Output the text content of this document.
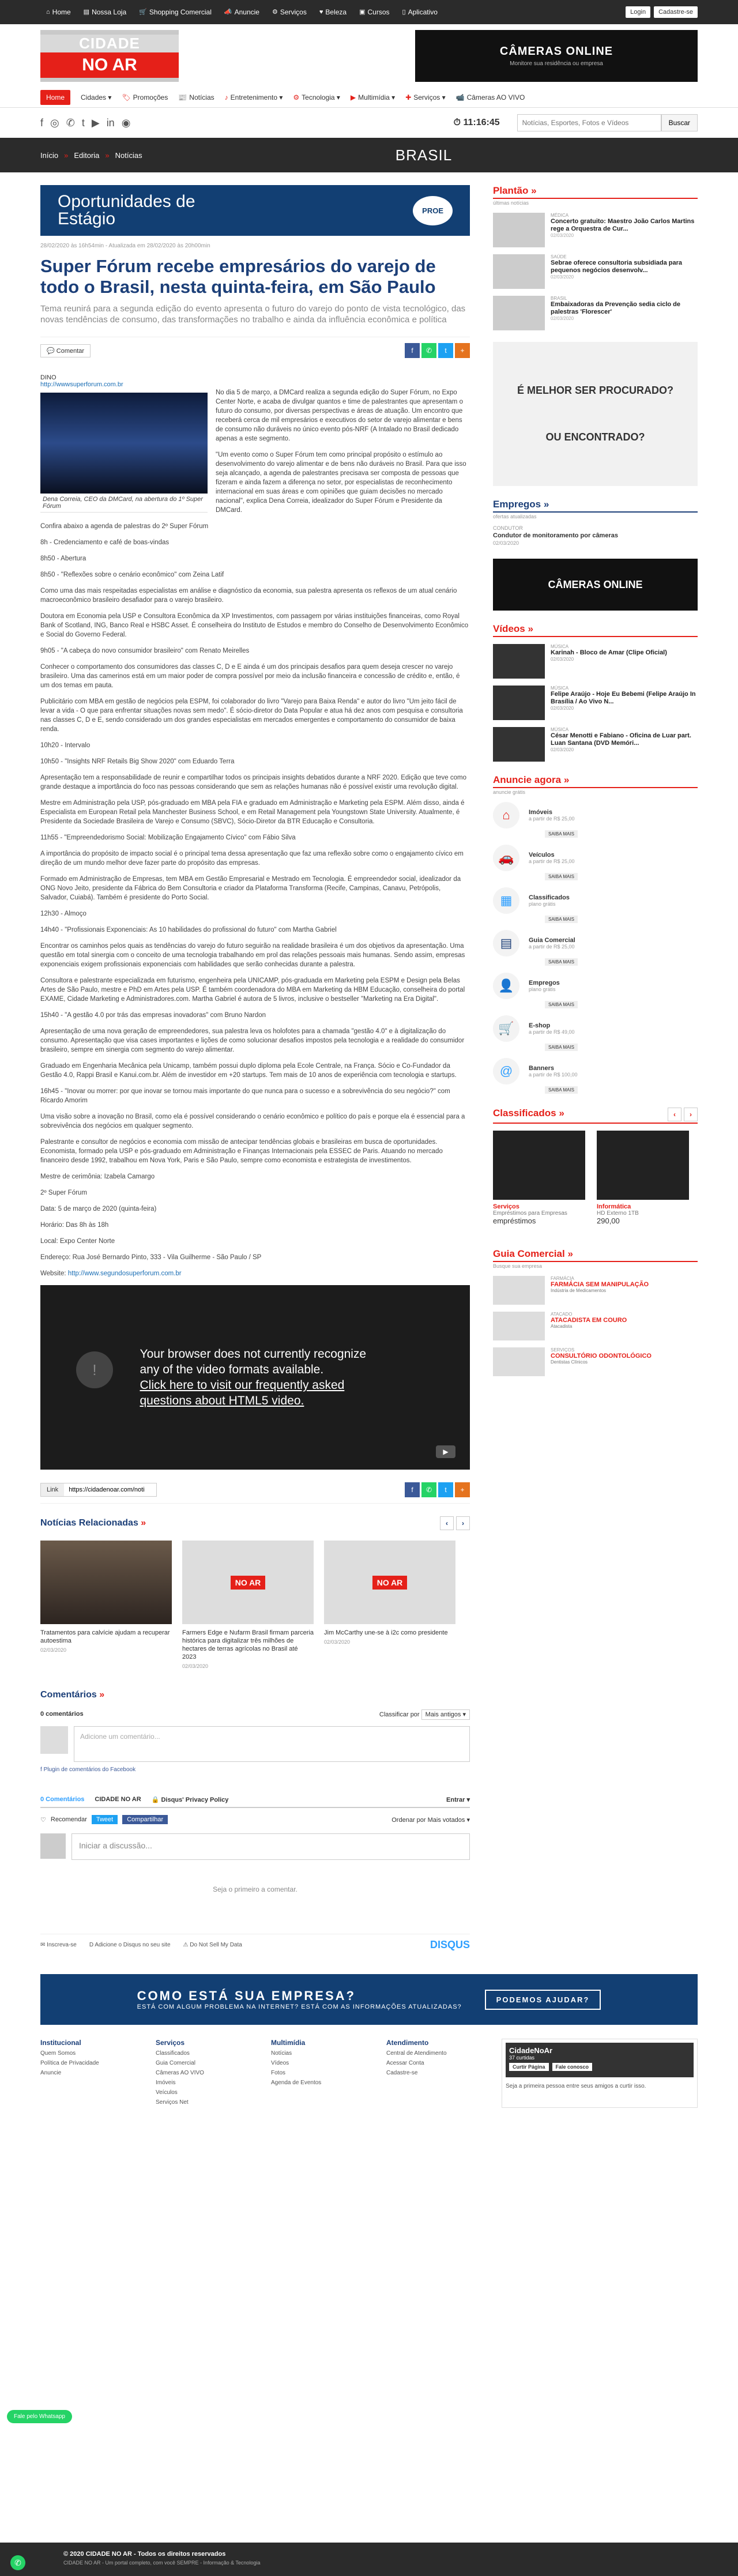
⌂ Home ▤ Nossa Loja 🛒 Shopping Comercial 📣 Anuncie ⚙ Serviços ♥ Beleza ▣ Cursos ▯ Aplicativo	Login	Cadastre-se
CIDADE
NO AR
CÂMERAS ONLINE
Monitore sua residência ou empresa
Home Cidades ▾ 🏷 Promoções 📰 Notícias ♪ Entretenimento ▾ ⚙ Tecnologia ▾ ▶ Multimídia ▾ ✚ Serviços ▾ 📹 Câmeras AO VIVO
f ◎ ✆ t ▶ in ◉	⏱ 11:16:45
Notícias, Esportes, Fotos e Vídeos	Buscar
Início » Editoria » Notícias	BRASIL
Oportunidades de
Estágio	PROE
28/02/2020 às 16h54min - Atualizada em 28/02/2020 às 20h00min
Super Fórum recebe empresários do varejo de todo o Brasil, nesta quinta-feira, em São Paulo
Tema reunirá para a segunda edição do evento apresenta o futuro do varejo do ponto de vista tecnológico, das novas tendências de consumo, das transformações no trabalho e ainda da influência econômica e política
💬 Comentar	f	✆	t	+
DINO
http://wwwsuperforum.com.br
Dena Correia, CEO da DMCard, na abertura do 1º Super Fórum

No dia 5 de março, a DMCard realiza a segunda edição do Super Fórum, no Expo Center Norte, e acaba de divulgar quantos e time de palestrantes que apresentam o futuro do consumo, por diversas perspectivas e áreas de atuação. Um encontro que receberá cerca de mil empresários e executivos do setor de varejo alimentar e bens de consumo não duráveis no único evento pós-NRF (A Intalado no Brasil dedicado apenas a este segmento.

"Um evento como o Super Fórum tem como principal propósito o estímulo ao desenvolvimento do varejo alimentar e de bens não duráveis no Brasil. Para que isso seja alcançado, a agenda de palestrantes precisava ser composta de pessoas que fizeram e ainda fazem a diferença no setor, por especialistas de reconhecimento internacional em suas áreas e com opiniões que guiam decisões no mercado nacional", explica Dena Correia, idealizador do Super Fórum e Presidente da DMCard.

Confira abaixo a agenda de palestras do 2º Super Fórum

8h - Credenciamento e café de boas-vindas

8h50 - Abertura

8h50 - "Reflexões sobre o cenário econômico" com Zeina Latif

Como uma das mais respeitadas especialistas em análise e diagnóstico da economia, sua palestra apresenta os reflexos de um atual cenário macroeconômico brasileiro desafiador para o varejo brasileiro.

Doutora em Economia pela USP e Consultora Econômica da XP Investimentos, com passagem por várias instituições financeiras, como Royal Bank of Scotland, ING, Banco Real e HSBC Asset. É conselheira do Instituto de Estudos e membro do Conselho de Desenvolvimento Econômico e Social do Governo Federal.

9h05 - "A cabeça do novo consumidor brasileiro" com Renato Meirelles

Conhecer o comportamento dos consumidores das classes C, D e E ainda é um dos principais desafios para quem deseja crescer no varejo brasileiro. Uma das camerinos está em um maior poder de compra possível por meio da inclusão financeira e concessão de crédito e, então, é um dos temas em pauta.

Publicitário com MBA em gestão de negócios pela ESPM, foi colaborador do livro "Varejo para Baixa Renda" e autor do livro "Um jeito fácil de levar a vida - O que para enfrentar situações novas sem medo". É sócio-diretor do Data Popular e atua há dez anos com pesquisa e consultoria nas classes C, D e E, sendo considerado um dos grandes especialistas em mercados emergentes e comportamento do consumidor de baixa renda.

10h20 - Intervalo

10h50 - "Insights NRF Retails Big Show 2020" com Eduardo Terra

Apresentação tem a responsabilidade de reunir e compartilhar todos os principais insights debatidos durante a NRF 2020. Edição que teve como grande destaque a importância do foco nas pessoas considerando que sem as relações humanas não é possível existir uma revolução digital.

Mestre em Administração pela USP, pós-graduado em MBA pela FIA e graduado em Administração e Marketing pela ESPM. Além disso, ainda é Especialista em European Retail pela Manchester Business School, e em Retail Management pela Youngstown State University. Atualmente, é Presidente da Sociedade Brasileira de Varejo e Consumo (SBVC), Sócio-Diretor da BTR Educação e Consultoria.

11h55 - "Empreendedorismo Social: Mobilização Engajamento Cívico" com Fábio Silva

A importância do propósito de impacto social é o principal tema dessa apresentação que faz uma reflexão sobre como o engajamento cívico em direção de um mundo melhor deve fazer parte do propósito das empresas.

Formado em Administração de Empresas, tem MBA em Gestão Empresarial e Mestrado em Tecnologia. É empreendedor social, idealizador da ONG Novo Jeito, presidente da Fábrica do Bem Consultoria e criador da Plataforma Transforma (Recife, Campinas, Canavu, Petrópolis, Salvador, Cuiabá). Também é presidente do Porto Social.

12h30 - Almoço

14h40 - "Profissionais Exponenciais: As 10 habilidades do profissional do futuro" com Martha Gabriel

Encontrar os caminhos pelos quais as tendências do varejo do futuro seguirão na realidade brasileira é um dos objetivos da apresentação. Uma questão em total sinergia com o conceito de uma tecnologia trabalhando em prol das relações pessoais mais humanas. Sendo assim, empresas exponenciais exigem profissionais exponenciais com habilidades que serão conhecidas durante a palestra.

Consultora e palestrante especializada em futurismo, engenheira pela UNICAMP, pós-graduada em Marketing pela ESPM e Design pela Belas Artes de São Paulo, mestre e PhD em Artes pela USP. É também coordenadora do MBA em Marketing da HBM Educação, conselheira do portal EXAME, Cidade Marketing e Administradores.com. Martha Gabriel é autora de 5 livros, inclusive o bestseller "Marketing na Era Digital".

15h40 - "A gestão 4.0 por trás das empresas inovadoras" com Bruno Nardon

Apresentação de uma nova geração de empreendedores, sua palestra leva os holofotes para a chamada "gestão 4.0" e à digitalização do consumo. Apresentação que visa cases importantes e lições de como solucionar desafios impostos pela tecnologia e a realidade do consumidor brasileiro, sempre em sinergia com segmento do varejo alimentar.

Graduado em Engenharia Mecânica pela Unicamp, também possui duplo diploma pela Ecole Centrale, na França. Sócio e Co-Fundador da Gestão 4.0, Rappi Brasil e Kanui.com.br. Além de investidor em +20 startups. Tem mais de 10 anos de experiência com tecnologia e startups.

16h45 - "Inovar ou morrer: por que inovar se tornou mais importante do que nunca para o sucesso e a sobrevivência do seu negócio?" com Ricardo Amorim

Uma visão sobre a inovação no Brasil, como ela é possível considerando o cenário econômico e político do país e porque ela é essencial para a sobrevivência dos negócios em qualquer segmento.

Palestrante e consultor de negócios e economia com missão de antecipar tendências globais e brasileiras em busca de oportunidades. Economista, formado pela USP e pós-graduado em Administração e Finanças Internacionais pela ESSEC de Paris. Atuando no mercado financeiro desde 1992, trabalhou em Nova York, Paris e São Paulo, sempre como economista e estrategista de investimentos.

Mestre de cerimônia: Izabela Camargo

2º Super Fórum

Data: 5 de março de 2020 (quinta-feira)

Horário: Das 8h às 18h

Local: Expo Center Norte

Endereço: Rua José Bernardo Pinto, 333 - Vila Guilherme - São Paulo / SP

Website: http://www.segundosuperforum.com.br

!
Your browser does not currently recognize any of the video formats available.
Click here to visit our frequently asked questions about HTML5 video.
▶
Link
https://cidadenoar.com/noti	f	✆	t	+
Notícias Relacionadas »	‹	›
Tratamentos para calvície ajudam a recuperar autoestima
02/03/2020
NO AR
Farmers Edge e Nufarm Brasil firmam parceria histórica para digitalizar três milhões de hectares de terras agrícolas no Brasil até 2023
02/03/2020
NO AR
Jim McCarthy une-se à i2c como presidente
02/03/2020
Comentários »
0 comentários	Classificar por Mais antigos ▾
Adicione um comentário...
f Plugin de comentários do Facebook
0 Comentários CIDADE NO AR 🔒 Disqus' Privacy Policy	Entrar ▾
♡ Recomendar	Tweet	Compartilhar	Ordenar por Mais votados ▾
Iniciar a discussão...
Seja o primeiro a comentar.
✉ Inscreva-se D Adicione o Disqus no seu site ⚠ Do Not Sell My Data	DISQUS
Plantão »
últimas notícias
MÉDICA
Concerto gratuito: Maestro João Carlos Martins rege a Orquestra de Cur...
02/03/2020
SAÚDE
Sebrae oferece consultoria subsidiada para pequenos negócios desenvolv...
02/03/2020
BRASIL
Embaixadoras da Prevenção sedia ciclo de palestras 'Florescer'
02/03/2020
É MELHOR SER PROCURADO?
OU ENCONTRADO?
Empregos »
ofertas atualizadas
CONDUTOR
Condutor de monitoramento por câmeras
02/03/2020
CÂMERAS ONLINE
Vídeos »
MÚSICA
Karinah - Bloco de Amar (Clipe Oficial)
02/03/2020
MÚSICA
Felipe Araújo - Hoje Eu Bebemi (Felipe Araújo In Brasília / Ao Vivo N...
02/03/2020
MÚSICA
César Menotti e Fabiano - Oficina de Luar part. Luan Santana (DVD Memóri...
02/03/2020
Anuncie agora »
anuncie grátis
⌂	Imóveis
a partir de R$ 25,00
SAIBA MAIS
🚗	Veículos
a partir de R$ 25,00
SAIBA MAIS
▦	Classificados
plano grátis
SAIBA MAIS
▤	Guia Comercial
a partir de R$ 25,00
SAIBA MAIS
👤	Empregos
plano grátis
SAIBA MAIS
🛒	E-shop
a partir de R$ 49,00
SAIBA MAIS
@	Banners
a partir de R$ 100,00
SAIBA MAIS
Classificados »	‹	›
Serviços
Empréstimos para Empresas
empréstimos
Informática
HD Externo 1TB
290,00
Guia Comercial »
Busque sua empresa
FARMÁCIA
FARMÁCIA SEM MANIPULAÇÃO
Indústria de Medicamentos
ATACADO
ATACADISTA EM COURO
Atacadista
SERVIÇOS
CONSULTÓRIO ODONTOLÓGICO
Dentistas Clínicos
COMO ESTÁ SUA EMPRESA?
ESTÁ COM ALGUM PROBLEMA NA INTERNET? ESTÁ COM AS INFORMAÇÕES ATUALIZADAS?
PODEMOS AJUDAR?
Institucional
Quem Somos
Política de Privacidade
Anuncie
Serviços
Classificados
Guia Comercial
Câmeras AO VIVO
Imóveis
Veículos
Serviços Net
Multimídia
Notícias
Vídeos
Fotos
Agenda de Eventos
Atendimento
Central de Atendimento
Acessar Conta
Cadastre-se
CidadeNoAr
37 curtidas
Curtir Página	Fale conosco
Seja a primeira pessoa entre seus amigos a curtir isso.
Fale pelo Whatsapp
© 2020 CIDADE NO AR - Todos os direitos reservados
CIDADE NO AR - Um portal completo, com você SEMPRE - Informação & Tecnologia
✆
